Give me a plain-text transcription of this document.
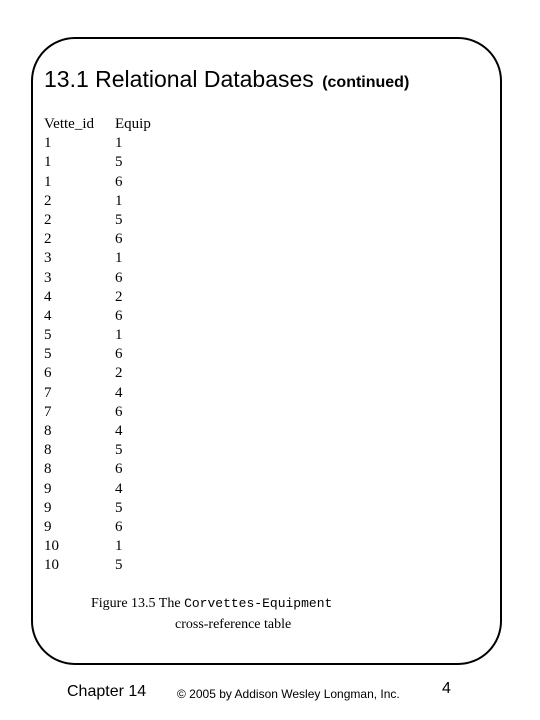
13.1 Relational Databases (continued)
Vette_id	Equip
1	1
1	5
1	6
2	1
2	5
2	6
3	1
3	6
4	2
4	6
5	1
5	6
6	2
7	4
7	6
8	4
8	5
8	6
9	4
9	5
9	6
10	1
10	5
Figure 13.5 The Corvettes-Equipment
cross-reference table
Chapter 14	© 2005 by Addison Wesley Longman, Inc.	4
